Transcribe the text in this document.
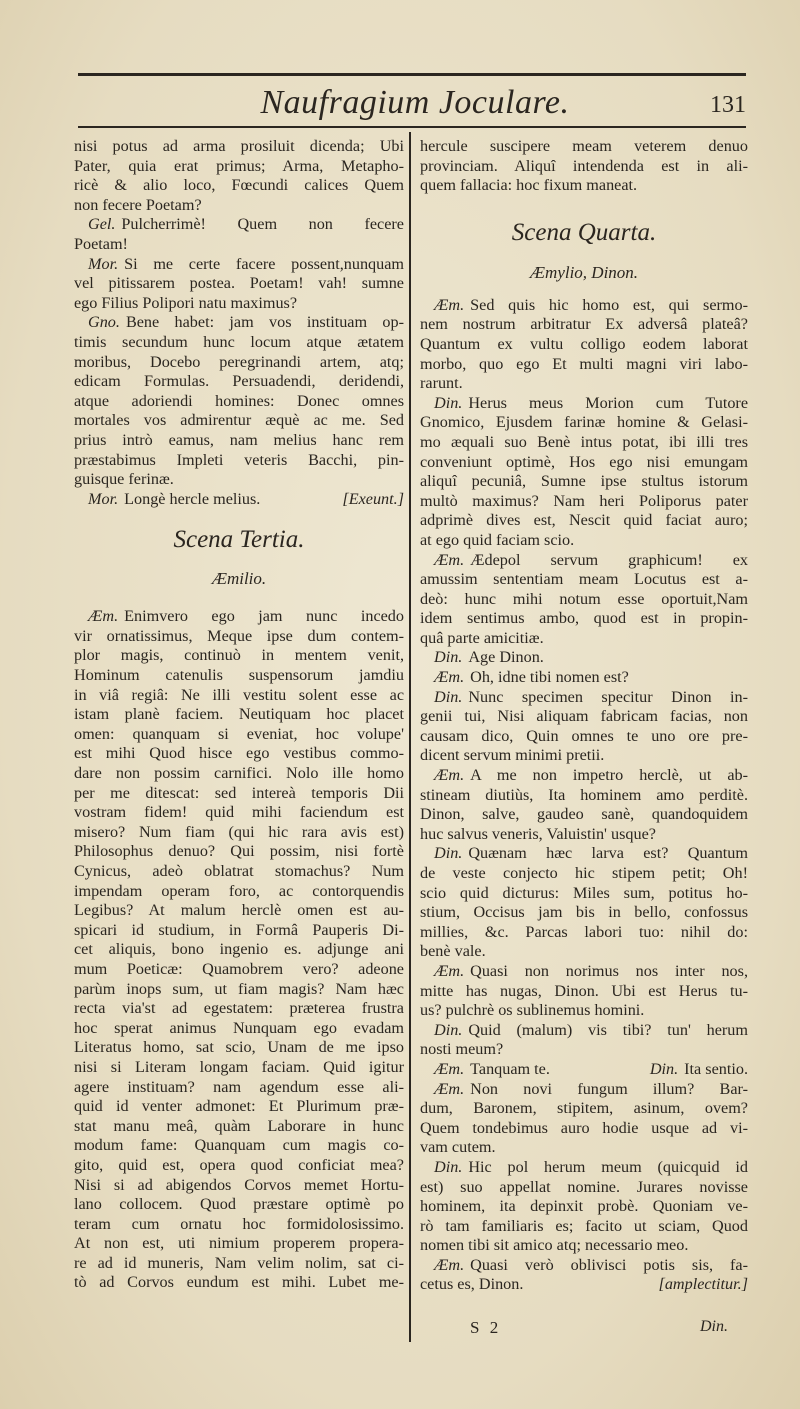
Naufragium Joculare.	131
nisi potus ad arma prosiluit dicenda; Ubi
Pater, quia erat primus; Arma, Metapho-
ricè & alio loco, Fœcundi calices Quem
non fecere Poetam?
Gel. Pulcherrimè! Quem non fecere
Poetam!
Mor. Si me certe facere possent,nunquam
vel pitissarem postea. Poetam! vah! sumne
ego Filius Polipori natu maximus?
Gno. Bene habet: jam vos instituam op-
timis secundum hunc locum atque ætatem
moribus, Docebo peregrinandi artem, atq;
edicam Formulas. Persuadendi, deridendi,
atque adoriendi homines: Donec omnes
mortales vos admirentur æquè ac me. Sed
prius intrò eamus, nam melius hanc rem
præstabimus Impleti veteris Bacchi, pin-
guisque ferinæ.
[Exeunt.]
Mor. Longè hercle melius.
Scena Tertia.
Æmilio.
Æm. Enimvero ego jam nunc incedo
vir ornatissimus, Meque ipse dum contem-
plor magis, continuò in mentem venit,
Hominum catenulis suspensorum jamdiu
in viâ regiâ: Ne illi vestitu solent esse ac
istam planè faciem. Neutiquam hoc placet
omen: quanquam si eveniat, hoc volupe'
est mihi Quod hisce ego vestibus commo-
dare non possim carnifici. Nolo ille homo
per me ditescat: sed intereà temporis Dii
vostram fidem! quid mihi faciendum est
misero? Num fiam (qui hic rara avis est)
Philosophus denuo? Qui possim, nisi fortè
Cynicus, adeò oblatrat stomachus? Num
impendam operam foro, ac contorquendis
Legibus? At malum herclè omen est au-
spicari id studium, in Formâ Pauperis Di-
cet aliquis, bono ingenio es. adjunge ani
mum Poeticæ: Quamobrem vero? adeone
parùm inops sum, ut fiam magis? Nam hæc
recta via'st ad egestatem: præterea frustra
hoc sperat animus Nunquam ego evadam
Literatus homo, sat scio, Unam de me ipso
nisi si Literam longam faciam. Quid igitur
agere instituam? nam agendum esse ali-
quid id venter admonet: Et Plurimum præ-
stat manu meâ, quàm Laborare in hunc
modum fame: Quanquam cum magis co-
gito, quid est, opera quod conficiat mea?
Nisi si ad abigendos Corvos memet Hortu-
lano collocem. Quod præstare optimè po
teram cum ornatu hoc formidolosissimo.
At non est, uti nimium properem propera-
re ad id muneris, Nam velim nolim, sat ci-
tò ad Corvos eundum est mihi. Lubet me-
hercule suscipere meam veterem denuo
provinciam. Aliquî intendenda est in ali-
quem fallacia: hoc fixum maneat.
Scena Quarta.
Æmylio, Dinon.
Æm. Sed quis hic homo est, qui sermo-
nem nostrum arbitratur Ex adversâ plateâ?
Quantum ex vultu colligo eodem laborat
morbo, quo ego Et multi magni viri labo-
rarunt.
Din. Herus meus Morion cum Tutore
Gnomico, Ejusdem farinæ homine & Gelasi-
mo æquali suo Benè intus potat, ibi illi tres
conveniunt optimè, Hos ego nisi emungam
aliquî pecuniâ, Sumne ipse stultus istorum
multò maximus? Nam heri Poliporus pater
adprimè dives est, Nescit quid faciat auro;
at ego quid faciam scio.
Æm. Ædepol servum graphicum! ex
amussim sententiam meam Locutus est a-
deò: hunc mihi notum esse oportuit,Nam
idem sentimus ambo, quod est in propin-
quâ parte amicitiæ.
Din. Age Dinon.
Æm. Oh, idne tibi nomen est?
Din. Nunc specimen specitur Dinon in-
genii tui, Nisi aliquam fabricam facias, non
causam dico, Quin omnes te uno ore pre-
dicent servum minimi pretii.
Æm. A me non impetro herclè, ut ab-
stineam diutiùs, Ita hominem amo perditè.
Dinon, salve, gaudeo sanè, quandoquidem
huc salvus veneris, Valuistin' usque?
Din. Quænam hæc larva est? Quantum
de veste conjecto hic stipem petit; Oh!
scio quid dicturus: Miles sum, potitus ho-
stium, Occisus jam bis in bello, confossus
millies, &c. Parcas labori tuo: nihil do:
benè vale.
Æm. Quasi non norimus nos inter nos,
mitte has nugas, Dinon. Ubi est Herus tu-
us? pulchrè os sublinemus homini.
Din. Quid (malum) vis tibi? tun' herum
nosti meum?
Din. Ita sentio.
Æm. Tanquam te.
Æm. Non novi fungum illum? Bar-
dum, Baronem, stipitem, asinum, ovem?
Quem tondebimus auro hodie usque ad vi-
vam cutem.
Din. Hic pol herum meum (quicquid id
est) suo appellat nomine. Jurares novisse
hominem, ita depinxit probè. Quoniam ve-
rò tam familiaris es; facito ut sciam, Quod
nomen tibi sit amico atq; necessario meo.
Æm. Quasi verò oblivisci potis sis, fa-
[amplectitur.]
cetus es, Dinon.
S 2	Din.
